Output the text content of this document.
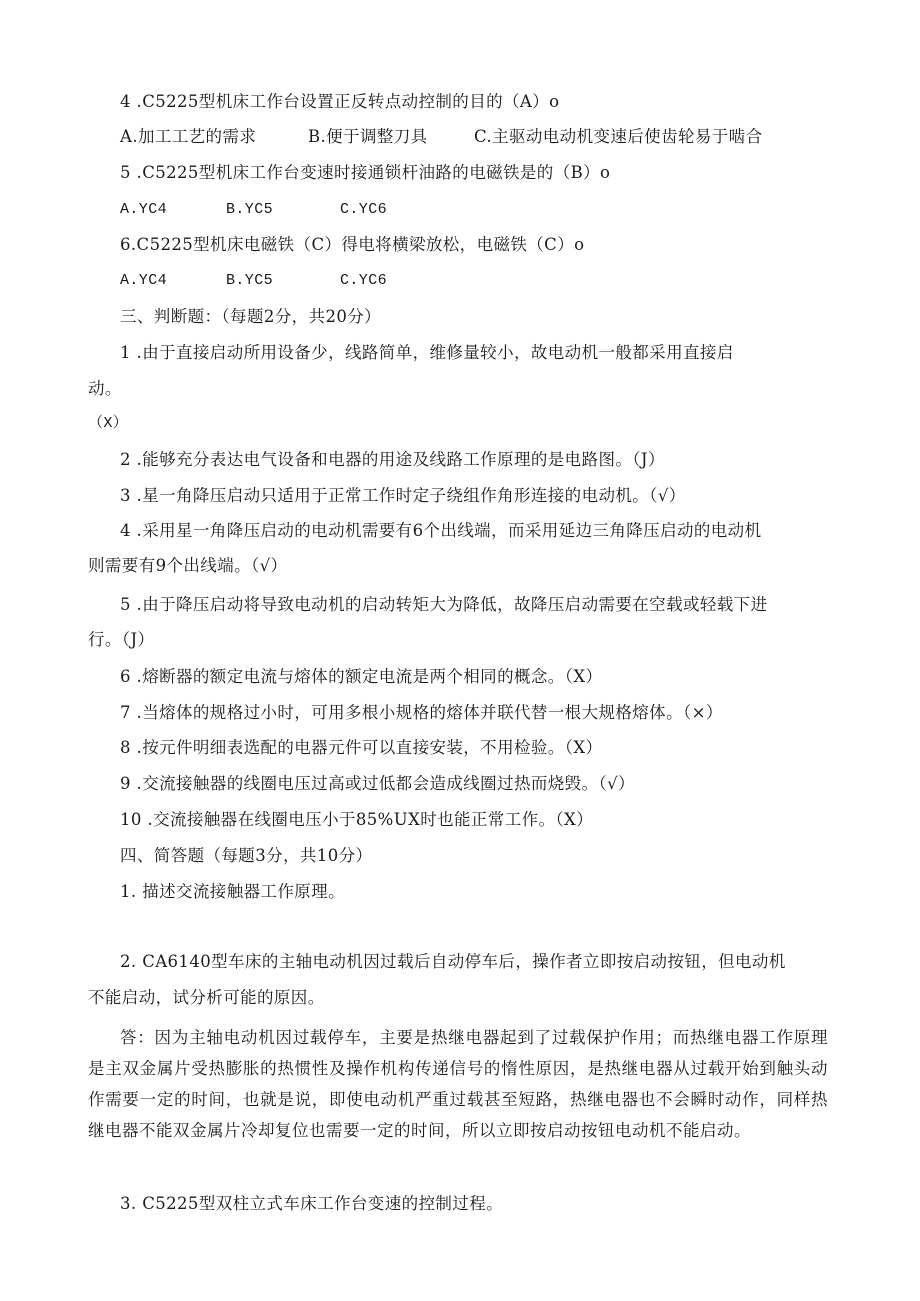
4 .C5225型机床工作台设置正反转点动控制的目的（A）o
A.加工工艺的需求	B.便于调整刀具	C.主驱动电动机变速后使齿轮易于啮合
5 .C5225型机床工作台变速时接通锁杆油路的电磁铁是的（B）o
A.YC4	B.YC5	C.YC6
6.C5225型机床电磁铁（C）得电将横梁放松，电磁铁（C）o
A.YC4	B.YC5	C.YC6
三、判断题：（每题2分，共20分）
1 .由于直接启动所用设备少，线路简单，维修量较小，故电动机一般都采用直接启
动。
（X）
2 .能够充分表达电气设备和电器的用途及线路工作原理的是电路图。（J）
3 .星一角降压启动只适用于正常工作时定子绕组作角形连接的电动机。（√）
4 .采用星一角降压启动的电动机需要有6个出线端，而采用延边三角降压启动的电动机
则需要有9个出线端。（√）
5 .由于降压启动将导致电动机的启动转矩大为降低，故降压启动需要在空载或轻载下进
行。（J）
6 .熔断器的额定电流与熔体的额定电流是两个相同的概念。（X）
7 .当熔体的规格过小时，可用多根小规格的熔体并联代替一根大规格熔体。（×）
8 .按元件明细表选配的电器元件可以直接安装，不用检验。（X）
9 .交流接触器的线圈电压过高或过低都会造成线圈过热而烧毁。（√）
10 .交流接触器在线圈电压小于85%UX时也能正常工作。（X）
四、简答题（每题3分，共10分）
1. 描述交流接触器工作原理。
2. CA6140型车床的主轴电动机因过载后自动停车后，操作者立即按启动按钮，但电动机
不能启动，试分析可能的原因。
答：因为主轴电动机因过载停车，主要是热继电器起到了过载保护作用；而热继电器工作原理是主双金属片受热膨胀的热惯性及操作机构传递信号的惰性原因，是热继电器从过载开始到触头动作需要一定的时间，也就是说，即使电动机严重过载甚至短路，热继电器也不会瞬时动作，同样热继电器不能双金属片冷却复位也需要一定的时间，所以立即按启动按钮电动机不能启动。
3. C5225型双柱立式车床工作台变速的控制过程。
